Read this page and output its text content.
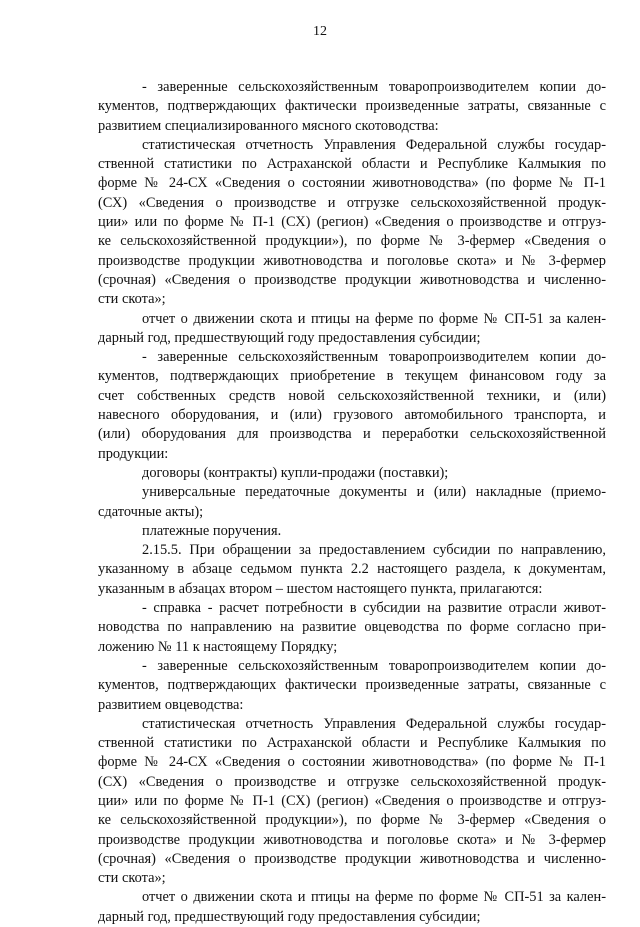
12
- заверенные сельскохозяйственным товаропроизводителем копии до-
кументов, подтверждающих фактически произведенные затраты, связанные с
развитием специализированного мясного скотоводства:
статистическая отчетность Управления Федеральной службы государ-
ственной статистики по Астраханской области и Республике Калмыкия по
форме № 24-СХ «Сведения о состоянии животноводства» (по форме № П-1
(СХ) «Сведения о производстве и отгрузке сельскохозяйственной продук-
ции» или по форме № П-1 (СХ) (регион) «Сведения о производстве и отгруз-
ке сельскохозяйственной продукции»), по форме № 3-фермер «Сведения о
производстве продукции животноводства и поголовье скота» и № 3-фермер
(срочная) «Сведения о производстве продукции животноводства и численно-
сти скота»;
отчет о движении скота и птицы на ферме по форме № СП-51 за кален-
дарный год, предшествующий году предоставления субсидии;
- заверенные сельскохозяйственным товаропроизводителем копии до-
кументов, подтверждающих приобретение в текущем финансовом году за
счет собственных средств новой сельскохозяйственной техники, и (или)
навесного оборудования, и (или) грузового автомобильного транспорта, и
(или) оборудования для производства и переработки сельскохозяйственной
продукции:
договоры (контракты) купли-продажи (поставки);
универсальные передаточные документы и (или) накладные (приемо-
сдаточные акты);
платежные поручения.
2.15.5. При обращении за предоставлением субсидии по направлению,
указанному в абзаце седьмом пункта 2.2 настоящего раздела, к документам,
указанным в абзацах втором – шестом настоящего пункта, прилагаются:
- справка - расчет потребности в субсидии на развитие отрасли живот-
новодства по направлению на развитие овцеводства по форме согласно при-
ложению № 11 к настоящему Порядку;
- заверенные сельскохозяйственным товаропроизводителем копии до-
кументов, подтверждающих фактически произведенные затраты, связанные с
развитием овцеводства:
статистическая отчетность Управления Федеральной службы государ-
ственной статистики по Астраханской области и Республике Калмыкия по
форме № 24-СХ «Сведения о состоянии животноводства» (по форме № П-1
(СХ) «Сведения о производстве и отгрузке сельскохозяйственной продук-
ции» или по форме № П-1 (СХ) (регион) «Сведения о производстве и отгруз-
ке сельскохозяйственной продукции»), по форме № 3-фермер «Сведения о
производстве продукции животноводства и поголовье скота» и № 3-фермер
(срочная) «Сведения о производстве продукции животноводства и численно-
сти скота»;
отчет о движении скота и птицы на ферме по форме № СП-51 за кален-
дарный год, предшествующий году предоставления субсидии;
